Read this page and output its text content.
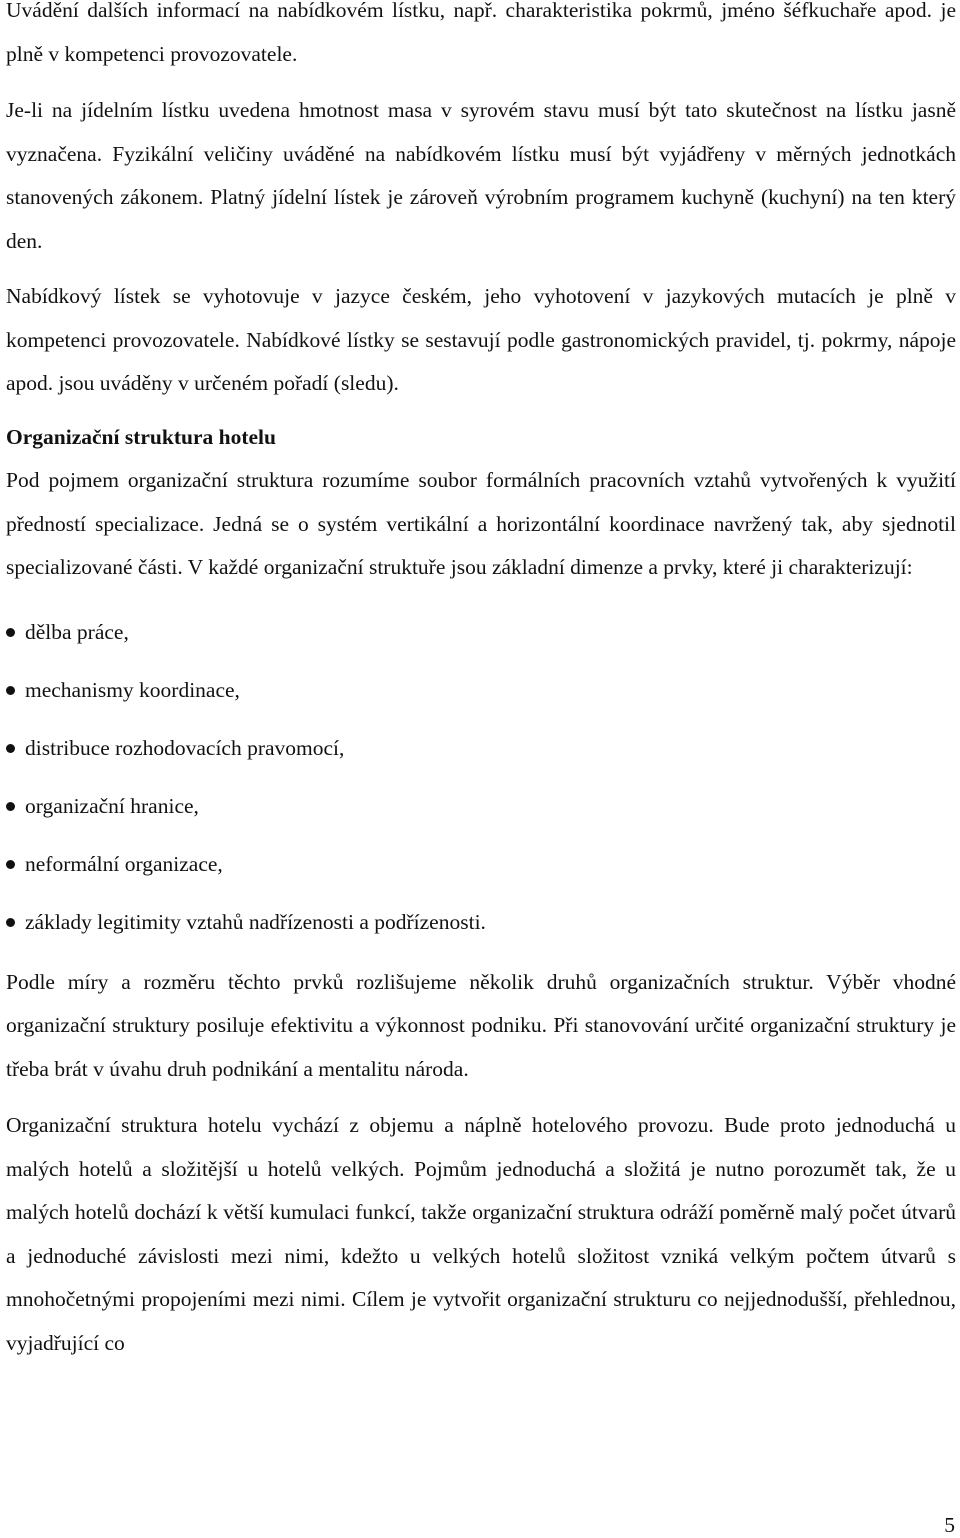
Uvádění dalších informací na nabídkovém lístku, např. charakteristika pokrmů, jméno šéfkuchaře apod. je plně v kompetenci provozovatele.

Je-li na jídelním lístku uvedena hmotnost masa v syrovém stavu musí být tato skutečnost na lístku jasně vyznačena. Fyzikální veličiny uváděné na nabídkovém lístku musí být vyjádřeny v měrných jednotkách stanovených zákonem. Platný jídelní lístek je zároveň výrobním programem kuchyně (kuchyní) na ten který den.

Nabídkový lístek se vyhotovuje v jazyce českém, jeho vyhotovení v jazykových mutacích je plně v kompetenci provozovatele. Nabídkové lístky se sestavují podle gastronomických pravidel, tj. pokrmy, nápoje apod. jsou uváděny v určeném pořadí (sledu).

Organizační struktura hotelu

Pod pojmem organizační struktura rozumíme soubor formálních pracovních vztahů vytvořených k využití předností specializace. Jedná se o systém vertikální a horizontální koordinace navržený tak, aby sjednotil specializované části. V každé organizační struktuře jsou základní dimenze a prvky, které ji charakterizují:

dělba práce,
mechanismy koordinace,
distribuce rozhodovacích pravomocí,
organizační hranice,
neformální organizace,
základy legitimity vztahů nadřízenosti a podřízenosti.

Podle míry a rozměru těchto prvků rozlišujeme několik druhů organizačních struktur. Výběr vhodné organizační struktury posiluje efektivitu a výkonnost podniku. Při stanovování určité organizační struktury je třeba brát v úvahu druh podnikání a mentalitu národa.

Organizační struktura hotelu vychází z objemu a náplně hotelového provozu. Bude proto jednoduchá u malých hotelů a složitější u hotelů velkých. Pojmům jednoduchá a složitá je nutno porozumět tak, že u malých hotelů dochází k větší kumulaci funkcí, takže organizační struktura odráží poměrně malý počet útvarů a jednoduché závislosti mezi nimi, kdežto u velkých hotelů složitost vzniká velkým počtem útvarů s mnohočetnými propojeními mezi nimi. Cílem je vytvořit organizační strukturu co nejjednodušší, přehlednou, vyjadřující co

5
